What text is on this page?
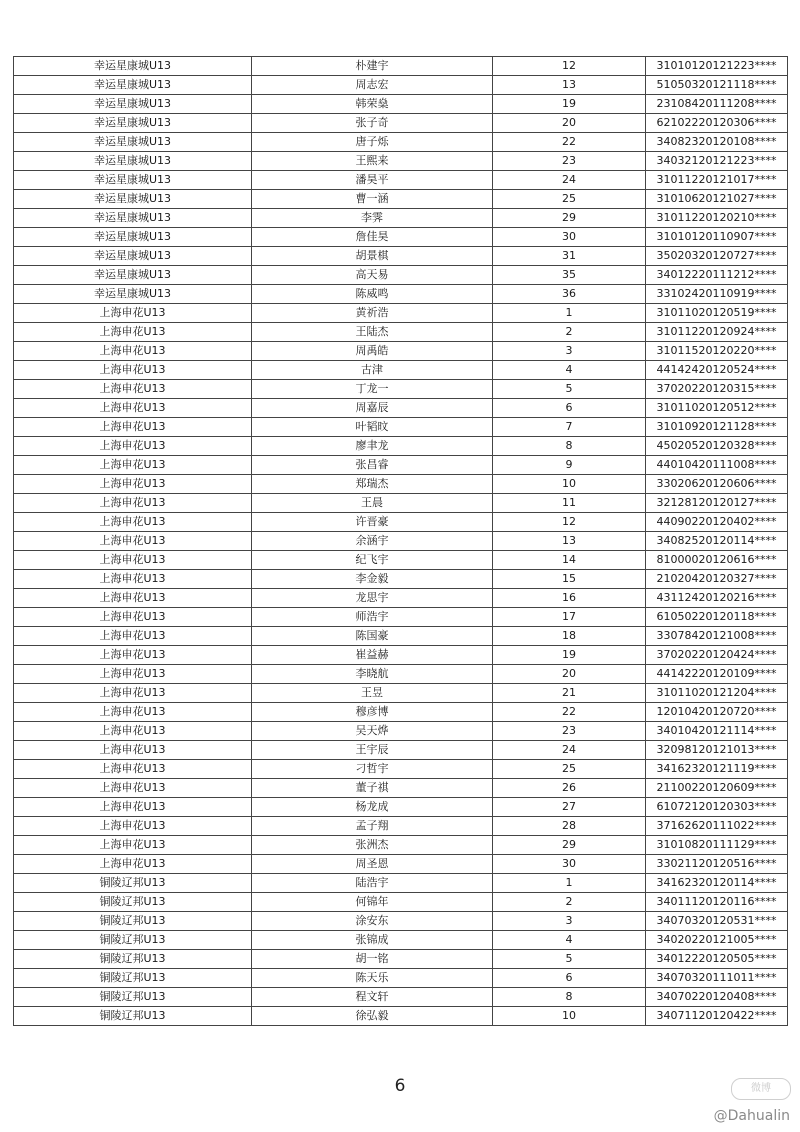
幸运星康城U13	朴建宇	12	31010120121223****
幸运星康城U13	周志宏	13	51050320121118****
幸运星康城U13	韩荣燊	19	23108420111208****
幸运星康城U13	张子奇	20	62102220120306****
幸运星康城U13	唐子烁	22	34082320120108****
幸运星康城U13	王熙来	23	34032120121223****
幸运星康城U13	潘昊平	24	31011220121017****
幸运星康城U13	曹一涵	25	31010620121027****
幸运星康城U13	李霁	29	31011220120210****
幸运星康城U13	詹佳昊	30	31010120110907****
幸运星康城U13	胡景棋	31	35020320120727****
幸运星康城U13	高天易	35	34012220111212****
幸运星康城U13	陈威鸣	36	33102420110919****
上海申花U13	黄祈浩	1	31011020120519****
上海申花U13	王陆杰	2	31011220120924****
上海申花U13	周禹皓	3	31011520120220****
上海申花U13	古津	4	44142420120524****
上海申花U13	丁龙一	5	37020220120315****
上海申花U13	周嘉辰	6	31011020120512****
上海申花U13	叶韬旼	7	31010920121128****
上海申花U13	廖聿龙	8	45020520120328****
上海申花U13	张昌睿	9	44010420111008****
上海申花U13	郑瑞杰	10	33020620120606****
上海申花U13	王晨	11	32128120120127****
上海申花U13	许晋豪	12	44090220120402****
上海申花U13	余涵宇	13	34082520120114****
上海申花U13	纪飞宇	14	81000020120616****
上海申花U13	李金毅	15	21020420120327****
上海申花U13	龙思宇	16	43112420120216****
上海申花U13	师浩宇	17	61050220120118****
上海申花U13	陈国豪	18	33078420121008****
上海申花U13	崔益赫	19	37020220120424****
上海申花U13	李晓航	20	44142220120109****
上海申花U13	王昱	21	31011020121204****
上海申花U13	穆彦博	22	12010420120720****
上海申花U13	吴天烨	23	34010420121114****
上海申花U13	王宇辰	24	32098120121013****
上海申花U13	刁哲宇	25	34162320121119****
上海申花U13	董子祺	26	21100220120609****
上海申花U13	杨龙成	27	61072120120303****
上海申花U13	孟子翔	28	37162620111022****
上海申花U13	张洲杰	29	31010820111129****
上海申花U13	周圣恩	30	33021120120516****
铜陵辽邦U13	陆浩宇	1	34162320120114****
铜陵辽邦U13	何锦年	2	34011120120116****
铜陵辽邦U13	涂安东	3	34070320120531****
铜陵辽邦U13	张锦成	4	34020220121005****
铜陵辽邦U13	胡一铭	5	34012220120505****
铜陵辽邦U13	陈天乐	6	34070320111011****
铜陵辽邦U13	程文轩	8	34070220120408****
铜陵辽邦U13	徐弘毅	10	34071120120422****
6	微博
@Dahualin
